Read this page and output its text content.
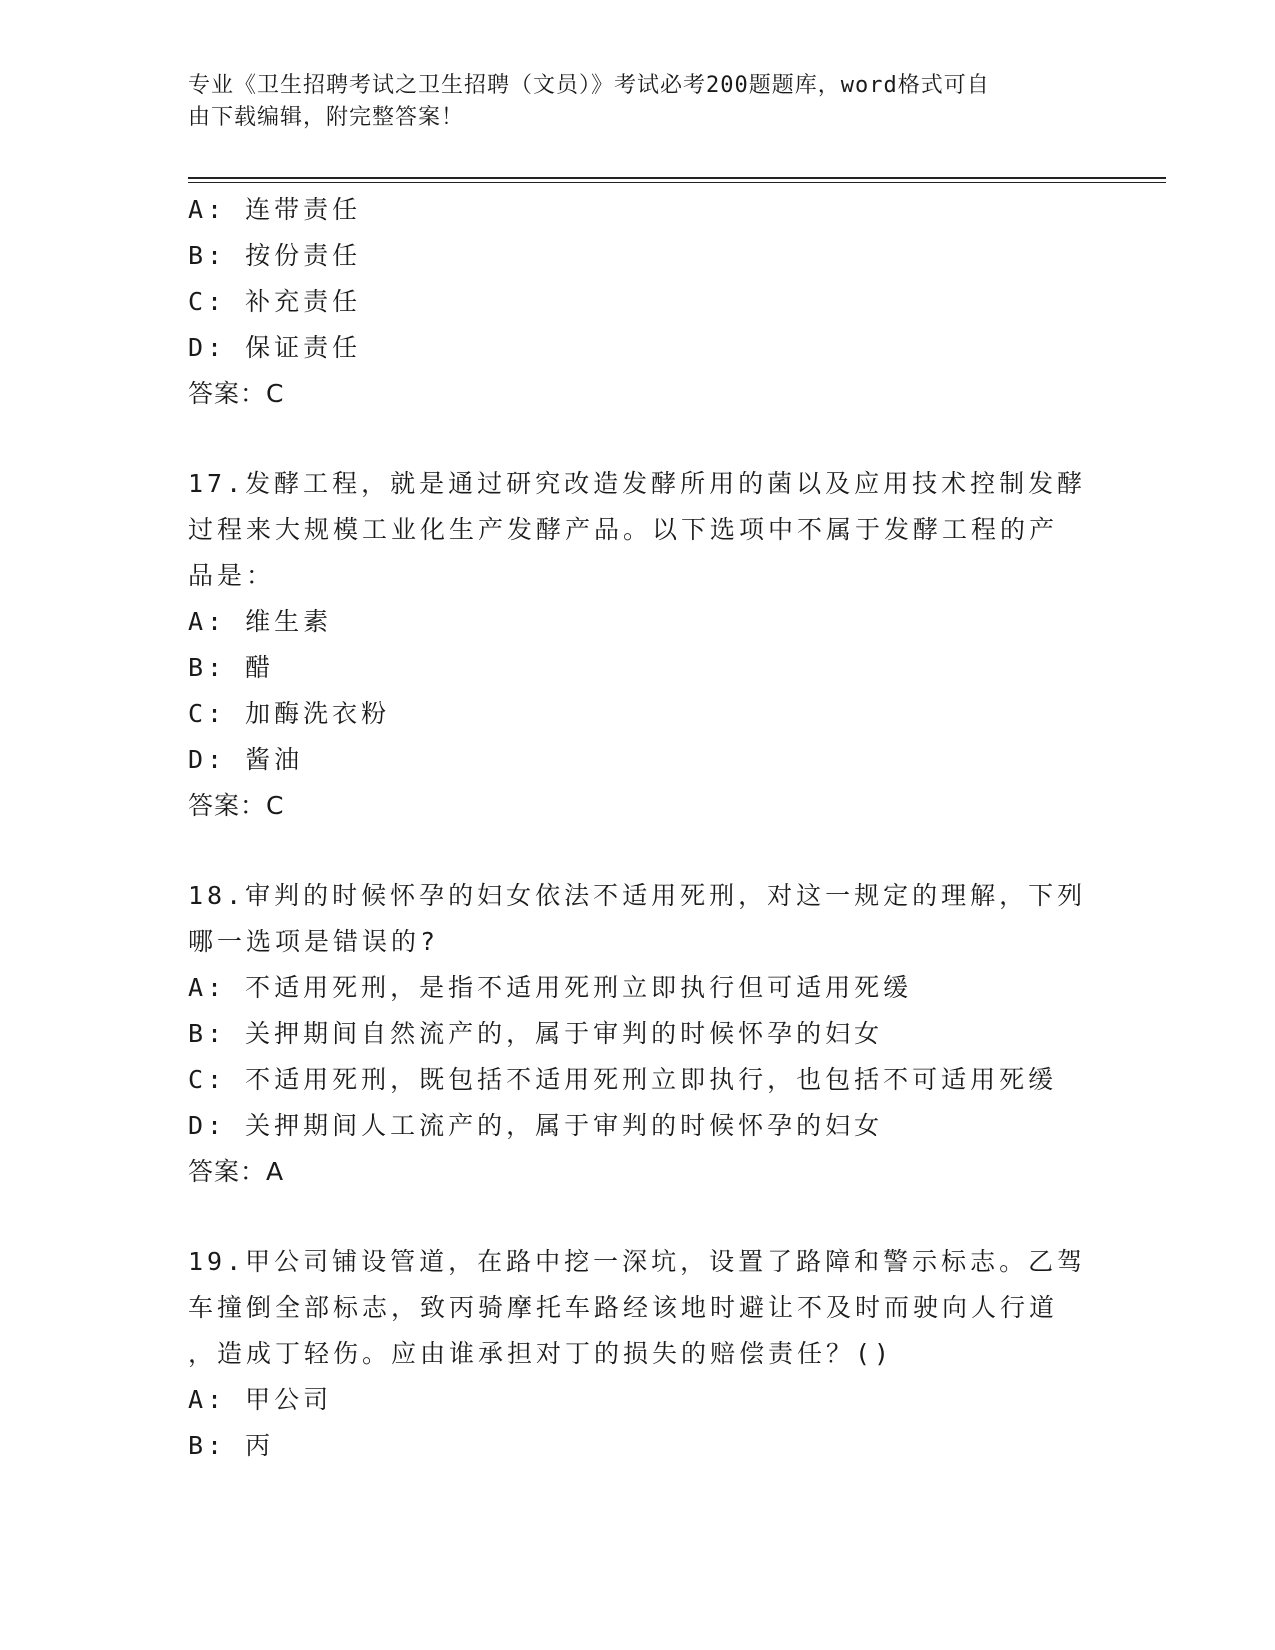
专业《卫生招聘考试之卫生招聘（文员）》考试必考200题题库，word格式可自
由下载编辑，附完整答案！
A: 连带责任
B: 按份责任
C: 补充责任
D: 保证责任
答案：C
17.发酵工程，就是通过研究改造发酵所用的菌以及应用技术控制发酵
过程来大规模工业化生产发酵产品。以下选项中不属于发酵工程的产
品是：
A: 维生素
B: 醋
C: 加酶洗衣粉
D: 酱油
答案：C
18.审判的时候怀孕的妇女依法不适用死刑，对这一规定的理解，下列
哪一选项是错误的?
A: 不适用死刑，是指不适用死刑立即执行但可适用死缓
B: 关押期间自然流产的，属于审判的时候怀孕的妇女
C: 不适用死刑，既包括不适用死刑立即执行，也包括不可适用死缓
D: 关押期间人工流产的，属于审判的时候怀孕的妇女
答案：A
19.甲公司铺设管道，在路中挖一深坑，设置了路障和警示标志。乙驾
车撞倒全部标志，致丙骑摩托车路经该地时避让不及时而驶向人行道
，造成丁轻伤。应由谁承担对丁的损失的赔偿责任？()
A: 甲公司
B: 丙
